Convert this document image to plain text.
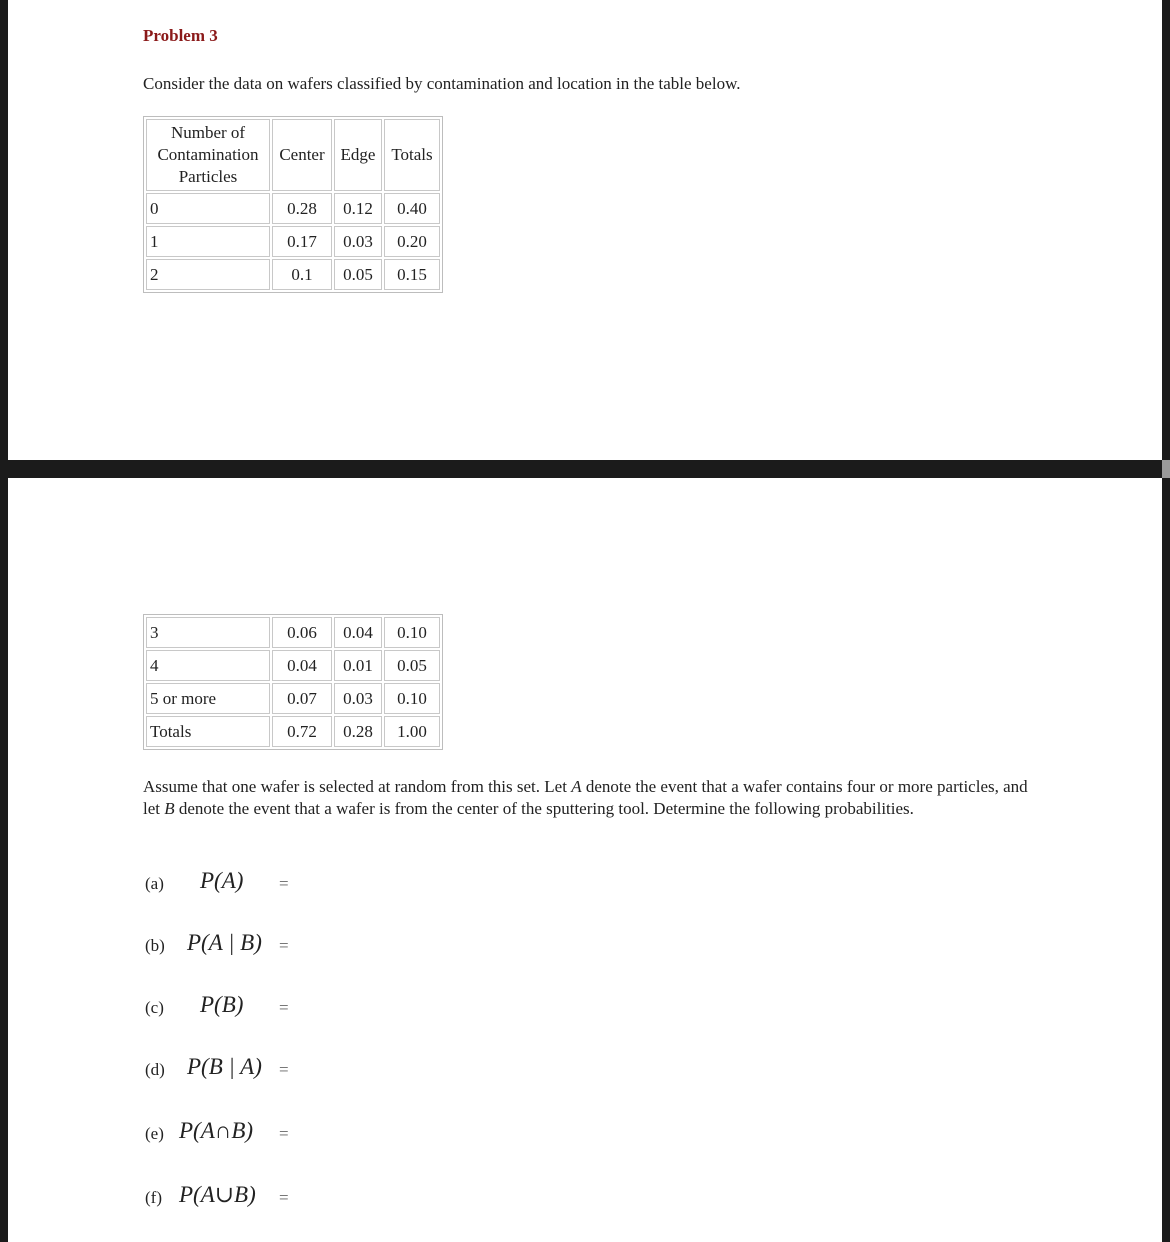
Problem 3
Consider the data on wafers classified by contamination and location in the table below.
Number of
Contamination
Particles	Center	Edge	Totals
0	0.28	0.12	0.40
1	0.17	0.03	0.20
2	0.1	0.05	0.15
3	0.06	0.04	0.10
4	0.04	0.01	0.05
5 or more	0.07	0.03	0.10
Totals	0.72	0.28	1.00

Assume that one wafer is selected at random from this set. Let A denote the event that a wafer contains four or more particles, and let B denote the event that a wafer is from the center of the sputtering tool. Determine the following probabilities.

(a) P(A) =
(b) P(A | B) =
(c) P(B) =
(d) P(B | A) =
(e) P(A∩B) =
(f) P(A∪B) =
